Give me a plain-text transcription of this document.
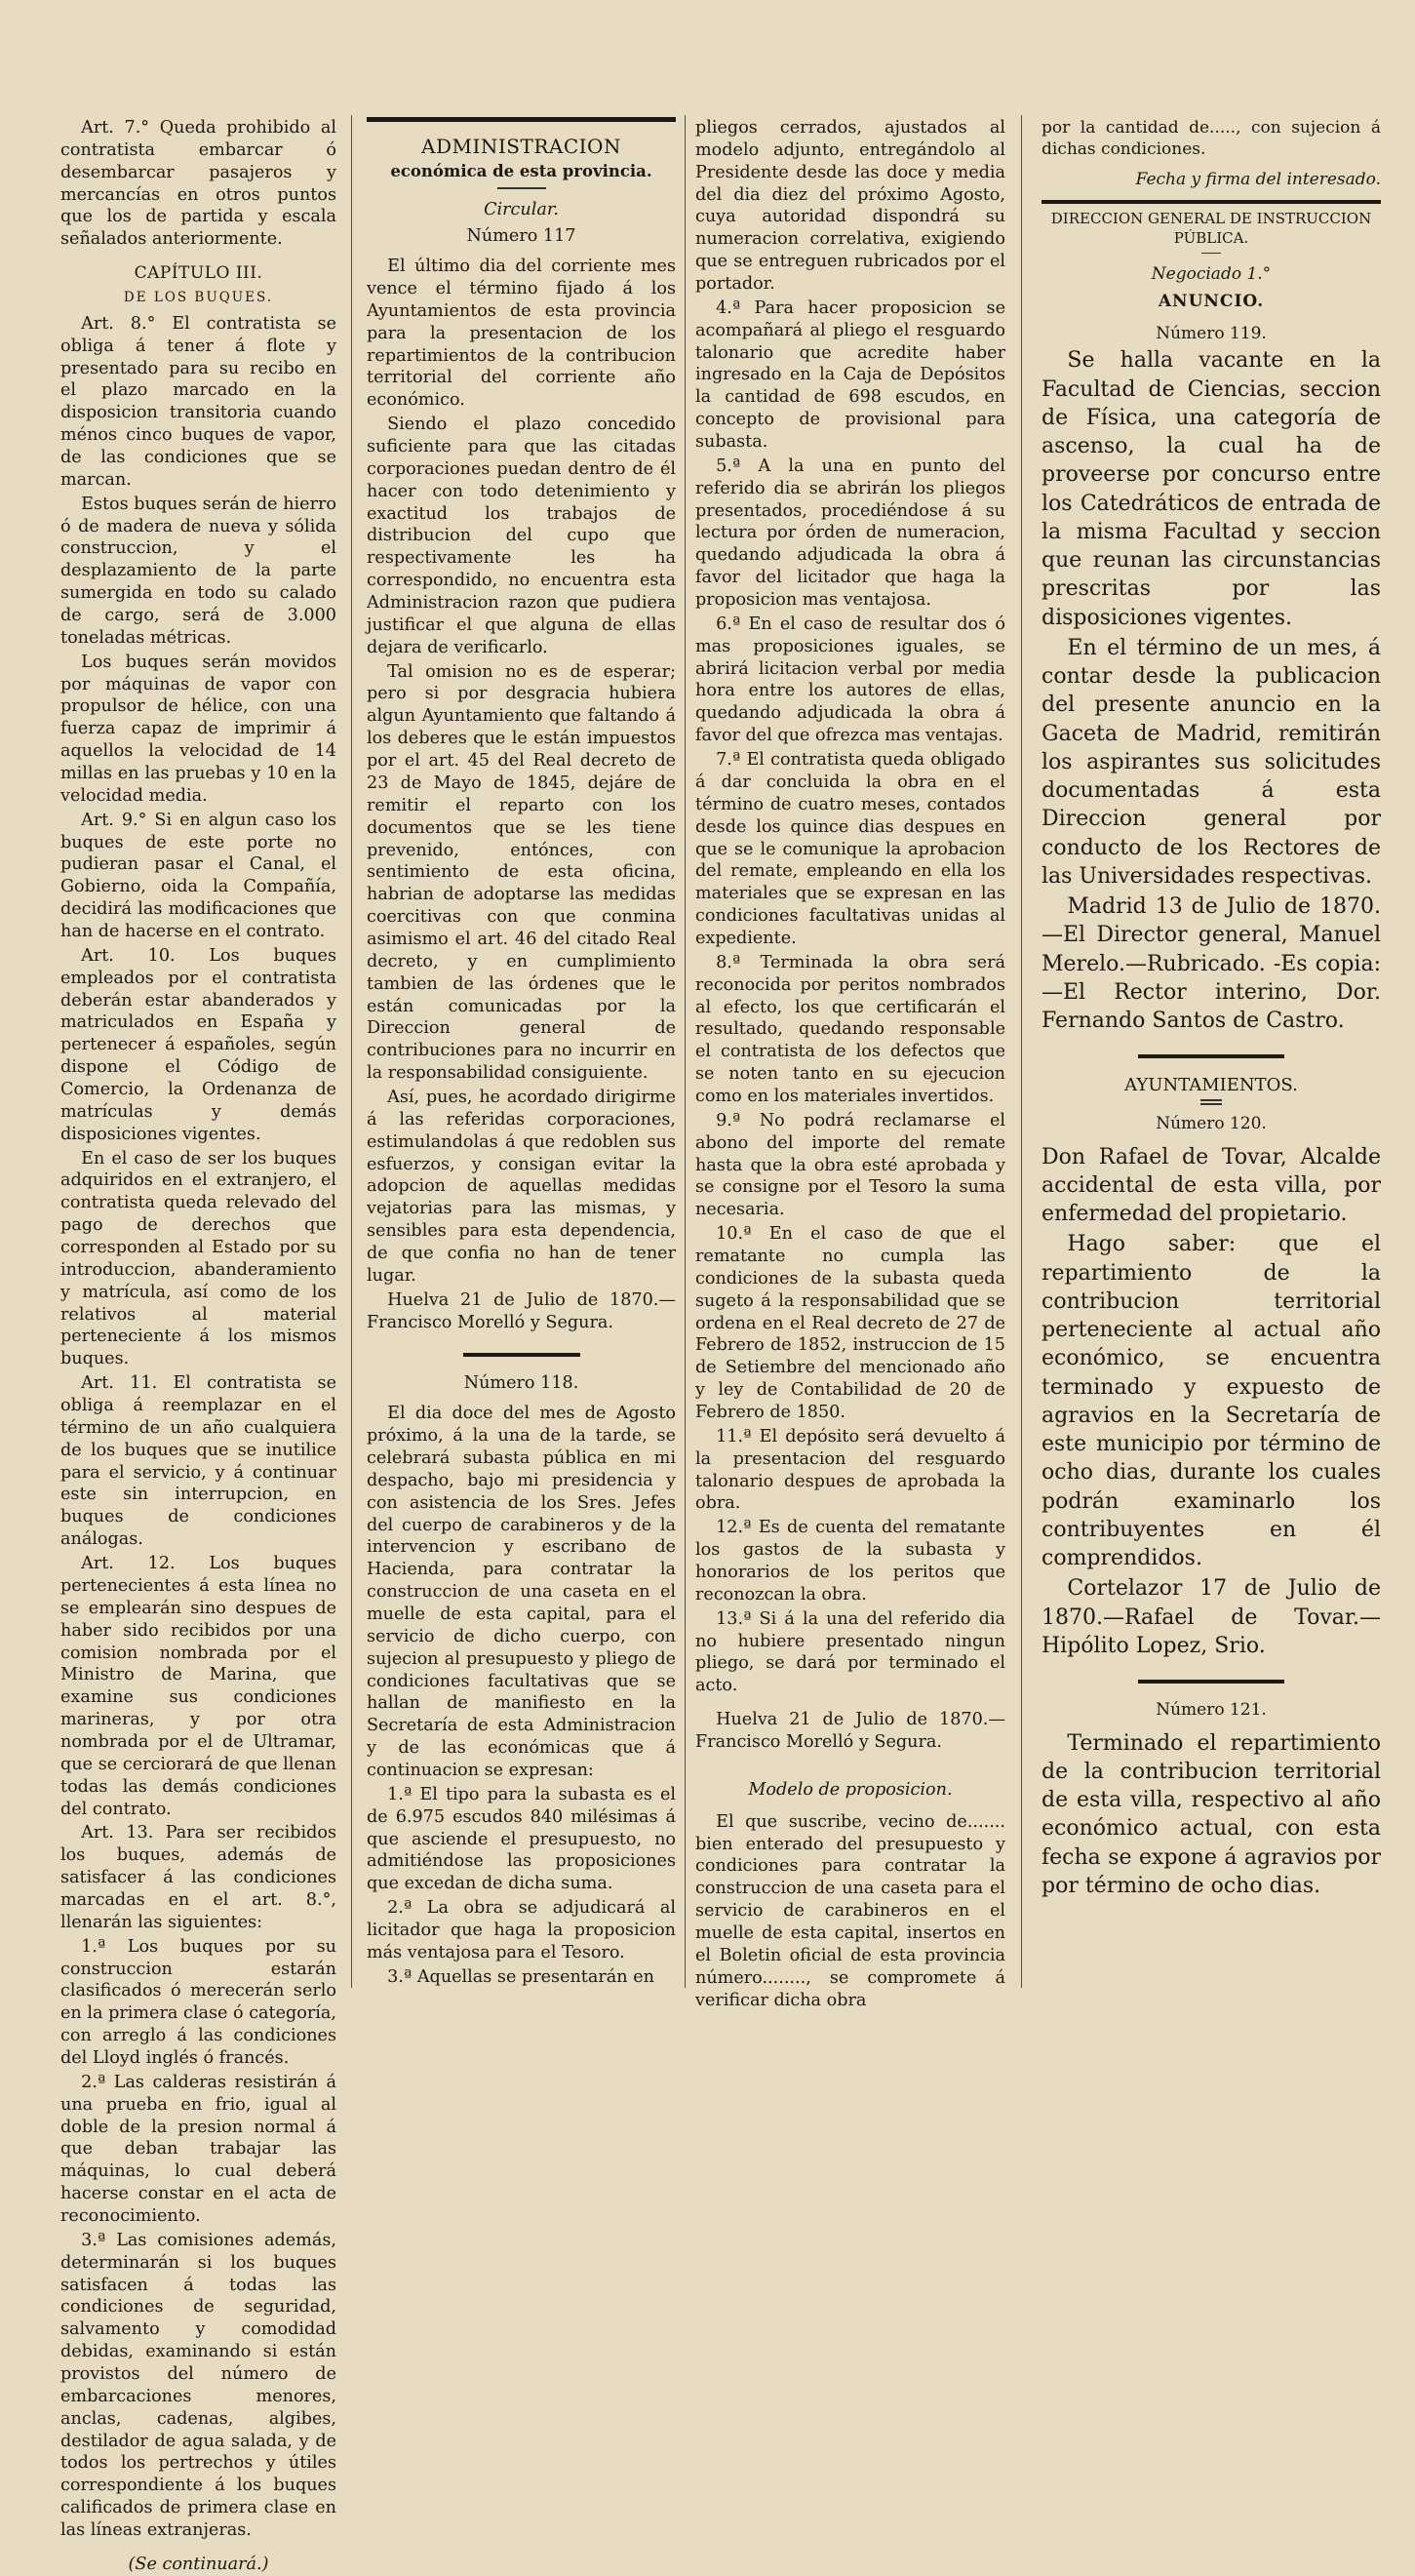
Art. 7.° Queda prohibido al contratista embarcar ó desembarcar pasajeros y mercancías en otros puntos que los de partida y escala señalados anteriormente.

CAPÍTULO III.

DE LOS BUQUES.

Art. 8.° El contratista se obliga á tener á flote y presentado para su recibo en el plazo marcado en la disposicion transitoria cuando ménos cinco buques de vapor, de las condiciones que se marcan.

Estos buques serán de hierro ó de madera de nueva y sólida construccion, y el desplazamiento de la parte sumergida en todo su calado de cargo, será de 3.000 toneladas métricas.

Los buques serán movidos por máquinas de vapor con propulsor de hélice, con una fuerza capaz de imprimir á aquellos la velocidad de 14 millas en las pruebas y 10 en la velocidad media.

Art. 9.° Si en algun caso los buques de este porte no pudieran pasar el Canal, el Gobierno, oida la Compañía, decidirá las modificaciones que han de hacerse en el contrato.

Art. 10. Los buques empleados por el contratista deberán estar abanderados y matriculados en España y pertenecer á españoles, según dispone el Código de Comercio, la Ordenanza de matrículas y demás disposiciones vigentes.

En el caso de ser los buques adquiridos en el extranjero, el contratista queda relevado del pago de derechos que corresponden al Estado por su introduccion, abanderamiento y matrícula, así como de los relativos al material perteneciente á los mismos buques.

Art. 11. El contratista se obliga á reemplazar en el término de un año cualquiera de los buques que se inutilice para el servicio, y á continuar este sin interrupcion, en buques de condiciones análogas.

Art. 12. Los buques pertenecientes á esta línea no se emplearán sino despues de haber sido recibidos por una comision nombrada por el Ministro de Marina, que examine sus condiciones marineras, y por otra nombrada por el de Ultramar, que se cerciorará de que llenan todas las demás condiciones del contrato.

Art. 13. Para ser recibidos los buques, además de satisfacer á las condiciones marcadas en el art. 8.°, llenarán las siguientes:

1.ª Los buques por su construccion estarán clasificados ó merecerán serlo en la primera clase ó categoría, con arreglo á las condiciones del Lloyd inglés ó francés.

2.ª Las calderas resistirán á una prueba en frio, igual al doble de la presion normal á que deban trabajar las máquinas, lo cual deberá hacerse constar en el acta de reconocimiento.

3.ª Las comisiones además, determinarán si los buques satisfacen á todas las condiciones de seguridad, salvamento y comodidad debidas, examinando si están provistos del número de embarcaciones menores, anclas, cadenas, algibes, destilador de agua salada, y de todos los pertrechos y útiles correspondiente á los buques calificados de primera clase en las líneas extranjeras.

(Se continuará.)

ADMINISTRACION

económica de esta provincia.

Circular.

Número 117

El último dia del corriente mes vence el término fijado á los Ayuntamientos de esta provincia para la presentacion de los repartimientos de la contribucion territorial del corriente año económico.

Siendo el plazo concedido suficiente para que las citadas corporaciones puedan dentro de él hacer con todo detenimiento y exactitud los trabajos de distribucion del cupo que respectivamente les ha correspondido, no encuentra esta Administracion razon que pudiera justificar el que alguna de ellas dejara de verificarlo.

Tal omision no es de esperar; pero si por desgracia hubiera algun Ayuntamiento que faltando á los deberes que le están impuestos por el art. 45 del Real decreto de 23 de Mayo de 1845, dejáre de remitir el reparto con los documentos que se les tiene prevenido, entónces, con sentimiento de esta oficina, habrian de adoptarse las medidas coercitivas con que conmina asimismo el art. 46 del citado Real decreto, y en cumplimiento tambien de las órdenes que le están comunicadas por la Direccion general de contribuciones para no incurrir en la responsabilidad consiguiente.

Así, pues, he acordado dirigirme á las referidas corporaciones, estimulandolas á que redoblen sus esfuerzos, y consigan evitar la adopcion de aquellas medidas vejatorias para las mismas, y sensibles para esta dependencia, de que confia no han de tener lugar.

Huelva 21 de Julio de 1870.— Francisco Morelló y Segura.

Número 118.

El dia doce del mes de Agosto próximo, á la una de la tarde, se celebrará subasta pública en mi despacho, bajo mi presidencia y con asistencia de los Sres. Jefes del cuerpo de carabineros y de la intervencion y escribano de Hacienda, para contratar la construccion de una caseta en el muelle de esta capital, para el servicio de dicho cuerpo, con sujecion al presupuesto y pliego de condiciones facultativas que se hallan de manifiesto en la Secretaría de esta Administracion y de las económicas que á continuacion se expresan:

1.ª El tipo para la subasta es el de 6.975 escudos 840 milésimas á que asciende el presupuesto, no admitiéndose las proposiciones que excedan de dicha suma.

2.ª La obra se adjudicará al licitador que haga la proposicion más ventajosa para el Tesoro.

3.ª Aquellas se presentarán en

pliegos cerrados, ajustados al modelo adjunto, entregándolo al Presidente desde las doce y media del dia diez del próximo Agosto, cuya autoridad dispondrá su numeracion correlativa, exigiendo que se entreguen rubricados por el portador.

4.ª Para hacer proposicion se acompañará al pliego el resguardo talonario que acredite haber ingresado en la Caja de Depósitos la cantidad de 698 escudos, en concepto de provisional para subasta.

5.ª A la una en punto del referido dia se abrirán los pliegos presentados, procediéndose á su lectura por órden de numeracion, quedando adjudicada la obra á favor del licitador que haga la proposicion mas ventajosa.

6.ª En el caso de resultar dos ó mas proposiciones iguales, se abrirá licitacion verbal por media hora entre los autores de ellas, quedando adjudicada la obra á favor del que ofrezca mas ventajas.

7.ª El contratista queda obligado á dar concluida la obra en el término de cuatro meses, contados desde los quince dias despues en que se le comunique la aprobacion del remate, empleando en ella los materiales que se expresan en las condiciones facultativas unidas al expediente.

8.ª Terminada la obra será reconocida por peritos nombrados al efecto, los que certificarán el resultado, quedando responsable el contratista de los defectos que se noten tanto en su ejecucion como en los materiales invertidos.

9.ª No podrá reclamarse el abono del importe del remate hasta que la obra esté aprobada y se consigne por el Tesoro la suma necesaria.

10.ª En el caso de que el rematante no cumpla las condiciones de la subasta queda sugeto á la responsabilidad que se ordena en el Real decreto de 27 de Febrero de 1852, instruccion de 15 de Setiembre del mencionado año y ley de Contabilidad de 20 de Febrero de 1850.

11.ª El depósito será devuelto á la presentacion del resguardo talonario despues de aprobada la obra.

12.ª Es de cuenta del rematante los gastos de la subasta y honorarios de los peritos que reconozcan la obra.

13.ª Si á la una del referido dia no hubiere presentado ningun pliego, se dará por terminado el acto.

Huelva 21 de Julio de 1870.— Francisco Morelló y Segura.

Modelo de proposicion.

El que suscribe, vecino de....... bien enterado del presupuesto y condiciones para contratar la construccion de una caseta para el servicio de carabineros en el muelle de esta capital, insertos en el Boletin oficial de esta provincia número........, se compromete á verificar dicha obra

por la cantidad de....., con sujecion á dichas condiciones.

Fecha y firma del interesado.

DIRECCION GENERAL DE INSTRUCCION PÚBLICA.

Negociado 1.°

ANUNCIO.

Número 119.

Se halla vacante en la Facultad de Ciencias, seccion de Física, una categoría de ascenso, la cual ha de proveerse por concurso entre los Catedráticos de entrada de la misma Facultad y seccion que reunan las circunstancias prescritas por las disposiciones vigentes.

En el término de un mes, á contar desde la publicacion del presente anuncio en la Gaceta de Madrid, remitirán los aspirantes sus solicitudes documentadas á esta Direccion general por conducto de los Rectores de las Universidades respectivas.

Madrid 13 de Julio de 1870.—El Director general, Manuel Merelo.—Rubricado. -Es copia:—El Rector interino, Dor. Fernando Santos de Castro.

AYUNTAMIENTOS.

Número 120.

Don Rafael de Tovar, Alcalde accidental de esta villa, por enfermedad del propietario.

Hago saber: que el repartimiento de la contribucion territorial perteneciente al actual año económico, se encuentra terminado y expuesto de agravios en la Secretaría de este municipio por término de ocho dias, durante los cuales podrán examinarlo los contribuyentes en él comprendidos.

Cortelazor 17 de Julio de 1870.—Rafael de Tovar.— Hipólito Lopez, Srio.

Número 121.

Terminado el repartimiento de la contribucion territorial de esta villa, respectivo al año económico actual, con esta fecha se expone á agravios por por término de ocho dias.
